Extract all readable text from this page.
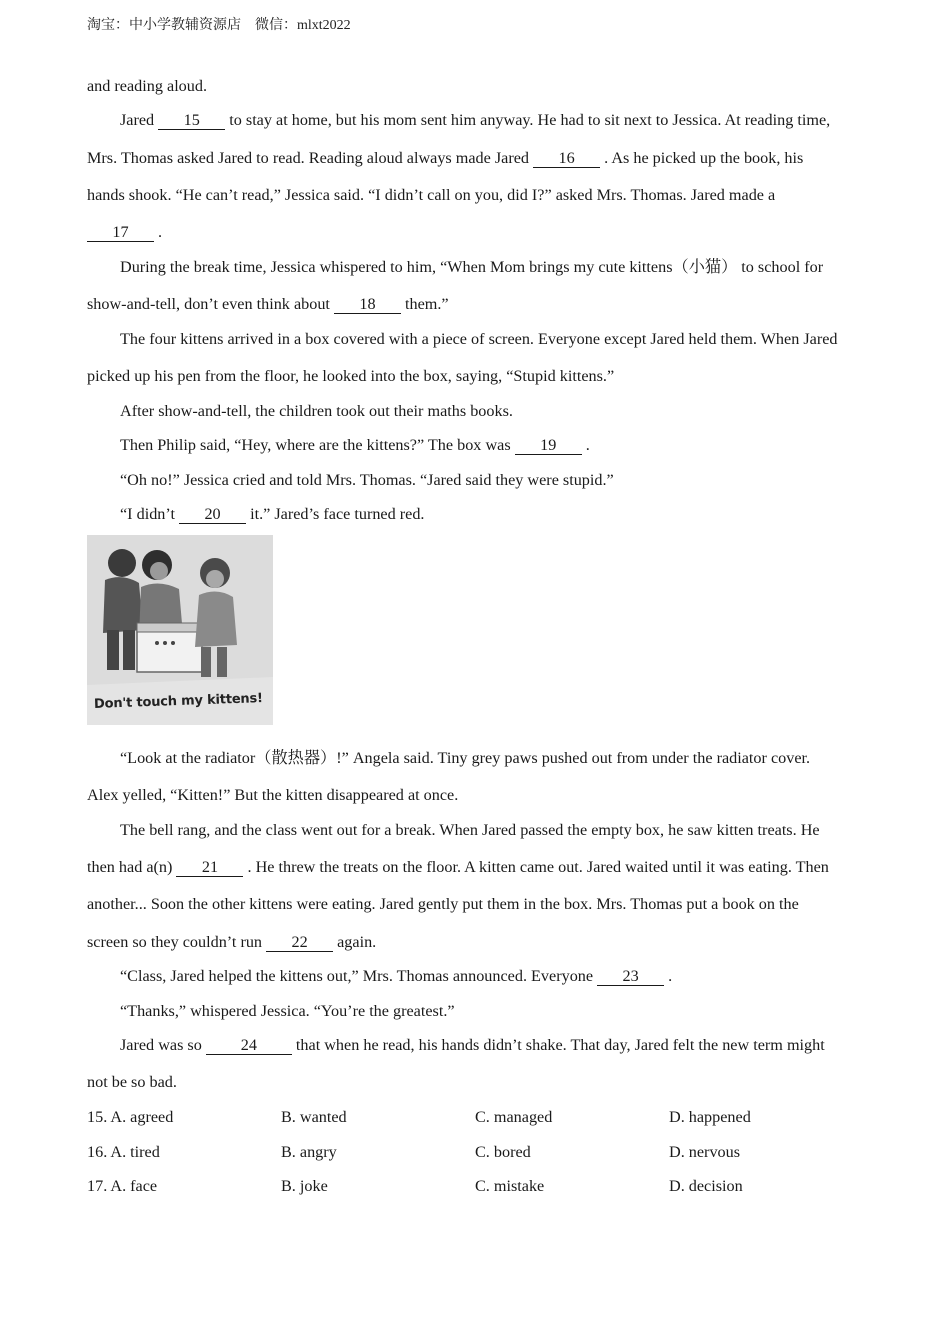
淘宝：中小学教辅资源店 微信：mlxt2022
and reading aloud.
Jared 15 to stay at home, but his mom sent him anyway. He had to sit next to Jessica. At reading time,
Mrs. Thomas asked Jared to read. Reading aloud always made Jared 16 . As he picked up the book, his
hands shook. “He can’t read,” Jessica said. “I didn’t call on you, did I?” asked Mrs. Thomas. Jared made a
17 .
During the break time, Jessica whispered to him, “When Mom brings my cute kittens（小猫） to school for
show-and-tell, don’t even think about 18 them.”
The four kittens arrived in a box covered with a piece of screen. Everyone except Jared held them. When Jared
picked up his pen from the floor, he looked into the box, saying, “Stupid kittens.”
After show-and-tell, the children took out their maths books.
Then Philip said, “Hey, where are the kittens?” The box was 19 .
“Oh no!” Jessica cried and told Mrs. Thomas. “Jared said they were stupid.”
“I didn’t 20 it.” Jared’s face turned red.
“Look at the radiator（散热器）!” Angela said. Tiny grey paws pushed out from under the radiator cover.
Alex yelled, “Kitten!” But the kitten disappeared at once.
The bell rang, and the class went out for a break. When Jared passed the empty box, he saw kitten treats. He
then had a(n) 21 . He threw the treats on the floor. A kitten came out. Jared waited until it was eating. Then
another... Soon the other kittens were eating. Jared gently put them in the box. Mrs. Thomas put a book on the
screen so they couldn’t run 22 again.
“Class, Jared helped the kittens out,” Mrs. Thomas announced. Everyone 23 .
“Thanks,” whispered Jessica. “You’re the greatest.”
Jared was so 24 that when he read, his hands didn’t shake. That day, Jared felt the new term might
not be so bad.
Don't touch my kittens!
15. A. agreed	B. wanted	C. managed	D. happened
16. A. tired	B. angry	C. bored	D. nervous
17. A. face	B. joke	C. mistake	D. decision
